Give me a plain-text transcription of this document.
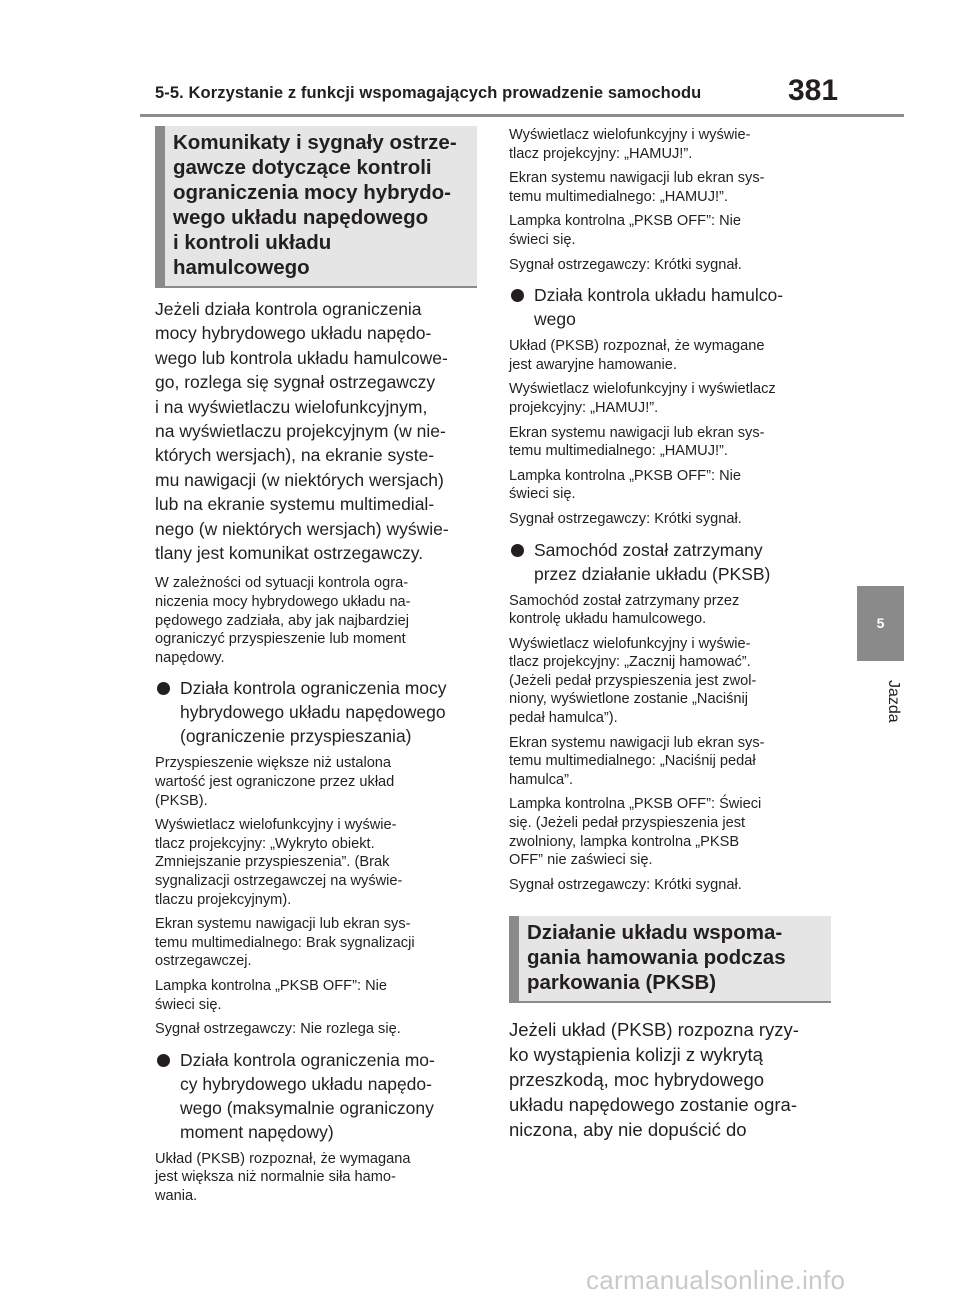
5-5. Korzystanie z funkcji wspomagających prowadzenie samochodu	381
5
Jazda
Komunikaty i sygnały ostrze-
gawcze dotyczące kontroli
ograniczenia mocy hybrydo-
wego układu napędowego
i kontroli układu hamulcowego

Jeżeli działa kontrola ograniczenia
mocy hybrydowego układu napędo-
wego lub kontrola układu hamulcowe-
go, rozlega się sygnał ostrzegawczy
i na wyświetlaczu wielofunkcyjnym,
na wyświetlaczu projekcyjnym (w nie-
których wersjach), na ekranie syste-
mu nawigacji (w niektórych wersjach)
lub na ekranie systemu multimedial-
nego (w niektórych wersjach) wyświe-
tlany jest komunikat ostrzegawczy.

W zależności od sytuacji kontrola ogra-
niczenia mocy hybrydowego układu na-
pędowego zadziała, aby jak najbardziej
ograniczyć przyspieszenie lub moment
napędowy.

Działa kontrola ograniczenia mocy
hybrydowego układu napędowego
(ograniczenie przyspieszania)

Przyspieszenie większe niż ustalona
wartość jest ograniczone przez układ
(PKSB).

Wyświetlacz wielofunkcyjny i wyświe-
tlacz projekcyjny: „Wykryto obiekt.
Zmniejszanie przyspieszenia”. (Brak
sygnalizacji ostrzegawczej na wyświe-
tlaczu projekcyjnym).

Ekran systemu nawigacji lub ekran sys-
temu multimedialnego: Brak sygnalizacji
ostrzegawczej.

Lampka kontrolna „PKSB OFF”: Nie
świeci się.

Sygnał ostrzegawczy: Nie rozlega się.

Działa kontrola ograniczenia mo-
cy hybrydowego układu napędo-
wego (maksymalnie ograniczony
moment napędowy)

Układ (PKSB) rozpoznał, że wymagana
jest większa niż normalnie siła hamo-
wania.

Wyświetlacz wielofunkcyjny i wyświe-
tlacz projekcyjny: „HAMUJ!”.

Ekran systemu nawigacji lub ekran sys-
temu multimedialnego: „HAMUJ!”.

Lampka kontrolna „PKSB OFF”: Nie
świeci się.

Sygnał ostrzegawczy: Krótki sygnał.

Działa kontrola układu hamulco-
wego

Układ (PKSB) rozpoznał, że wymagane
jest awaryjne hamowanie.

Wyświetlacz wielofunkcyjny i wyświetlacz
projekcyjny: „HAMUJ!”.

Ekran systemu nawigacji lub ekran sys-
temu multimedialnego: „HAMUJ!”.

Lampka kontrolna „PKSB OFF”: Nie
świeci się.

Sygnał ostrzegawczy: Krótki sygnał.

Samochód został zatrzymany
przez działanie układu (PKSB)

Samochód został zatrzymany przez
kontrolę układu hamulcowego.

Wyświetlacz wielofunkcyjny i wyświe-
tlacz projekcyjny: „Zacznij hamować”.
(Jeżeli pedał przyspieszenia jest zwol-
niony, wyświetlone zostanie „Naciśnij
pedał hamulca”).

Ekran systemu nawigacji lub ekran sys-
temu multimedialnego: „Naciśnij pedał
hamulca”.

Lampka kontrolna „PKSB OFF”: Świeci
się. (Jeżeli pedał przyspieszenia jest
zwolniony, lampka kontrolna „PKSB
OFF” nie zaświeci się.

Sygnał ostrzegawczy: Krótki sygnał.

Działanie układu wspoma-
gania hamowania podczas
parkowania (PKSB)

Jeżeli układ (PKSB) rozpozna ryzy-
ko wystąpienia kolizji z wykrytą
przeszkodą, moc hybrydowego
układu napędowego zostanie ogra-
niczona, aby nie dopuścić do

carmanualsonline.info
